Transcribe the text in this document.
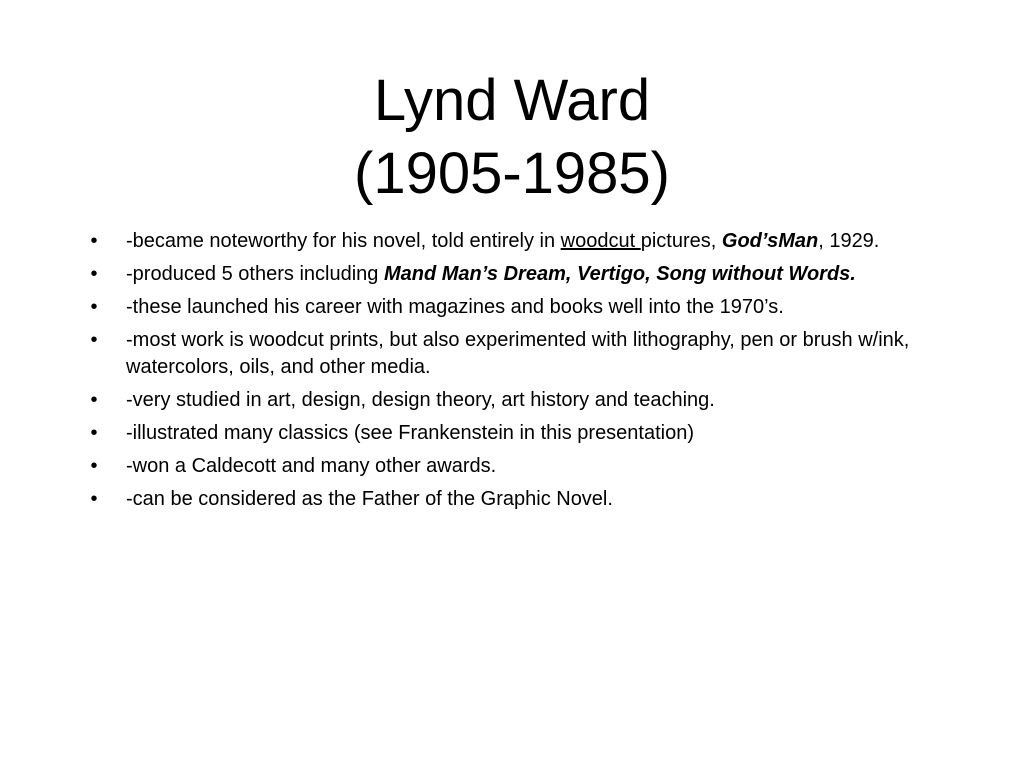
Lynd Ward
(1905-1985)
• -became noteworthy for his novel, told entirely in woodcut pictures, God’sMan, 1929.
• -produced 5 others including Mand Man’s Dream, Vertigo, Song without Words.
• -these launched his career with magazines and books well into the 1970’s.
• -most work is woodcut prints, but also experimented with lithography, pen or brush w/ink, watercolors, oils, and other media.
• -very studied in art, design, design theory, art history and teaching.
• -illustrated many classics (see Frankenstein in this presentation)
• -won a Caldecott and many other awards.
• -can be considered as the Father of the Graphic Novel.
